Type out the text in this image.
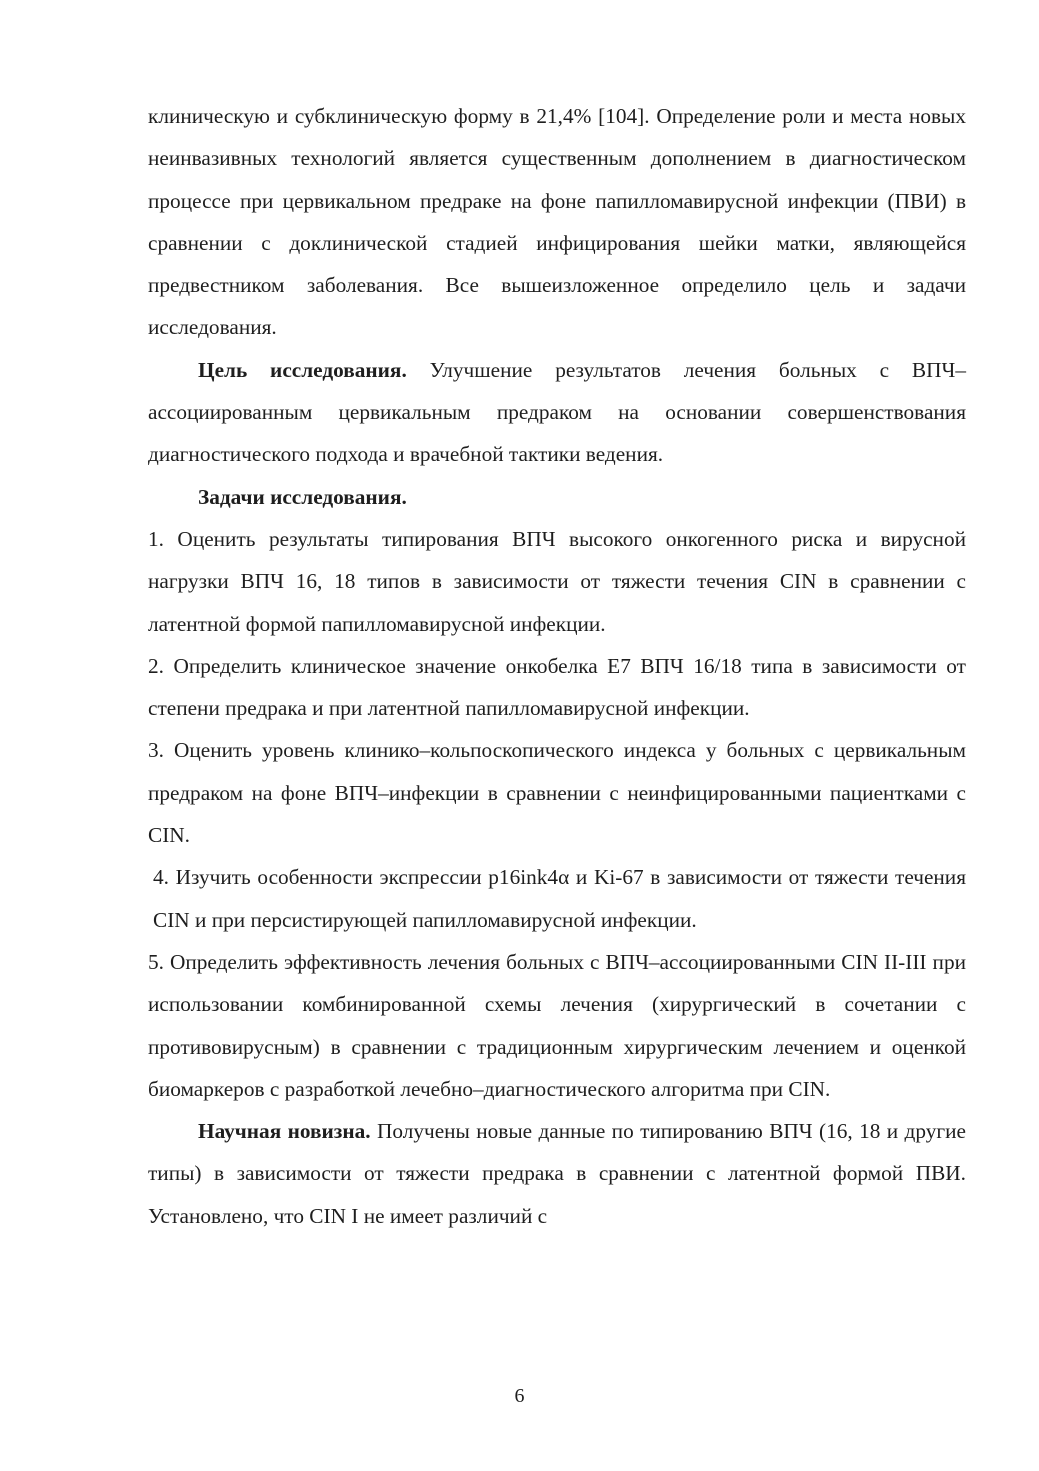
клиническую и субклиническую форму в 21,4% [104]. Определение роли и места новых неинвазивных технологий является существенным дополнением в диагностическом процессе при цервикальном предраке на фоне папилломавирусной инфекции (ПВИ) в сравнении с доклинической стадией инфицирования шейки матки, являющейся предвестником заболевания. Все вышеизложенное определило цель и задачи исследования.

Цель исследования. Улучшение результатов лечения больных с ВПЧ–ассоциированным цервикальным предраком на основании совершенствования диагностического подхода и врачебной тактики ведения.

Задачи исследования.

1. Оценить результаты типирования ВПЧ высокого онкогенного риска и вирусной нагрузки ВПЧ 16, 18 типов в зависимости от тяжести течения CIN в сравнении с латентной формой папилломавирусной инфекции.

2. Определить клиническое значение онкобелка Е7 ВПЧ 16/18 типа в зависимости от степени предрака и при латентной папилломавирусной инфекции.

3. Оценить уровень клинико–кольпоскопического индекса у больных с цервикальным предраком на фоне ВПЧ–инфекции в сравнении с неинфицированными пациентками с CIN.

4. Изучить особенности экспрессии p16ink4α и Ki-67 в зависимости от тяжести течения CIN и при персистирующей папилломавирусной инфекции.

5. Определить эффективность лечения больных с ВПЧ–ассоциированными CIN II-III при использовании комбинированной схемы лечения (хирургический в сочетании с противовирусным) в сравнении с традиционным хирургическим лечением и оценкой биомаркеров с разработкой лечебно–диагностического алгоритма при CIN.

Научная новизна. Получены новые данные по типированию ВПЧ (16, 18 и другие типы) в зависимости от тяжести предрака в сравнении с латентной формой ПВИ. Установлено, что CIN I не имеет различий с

6
